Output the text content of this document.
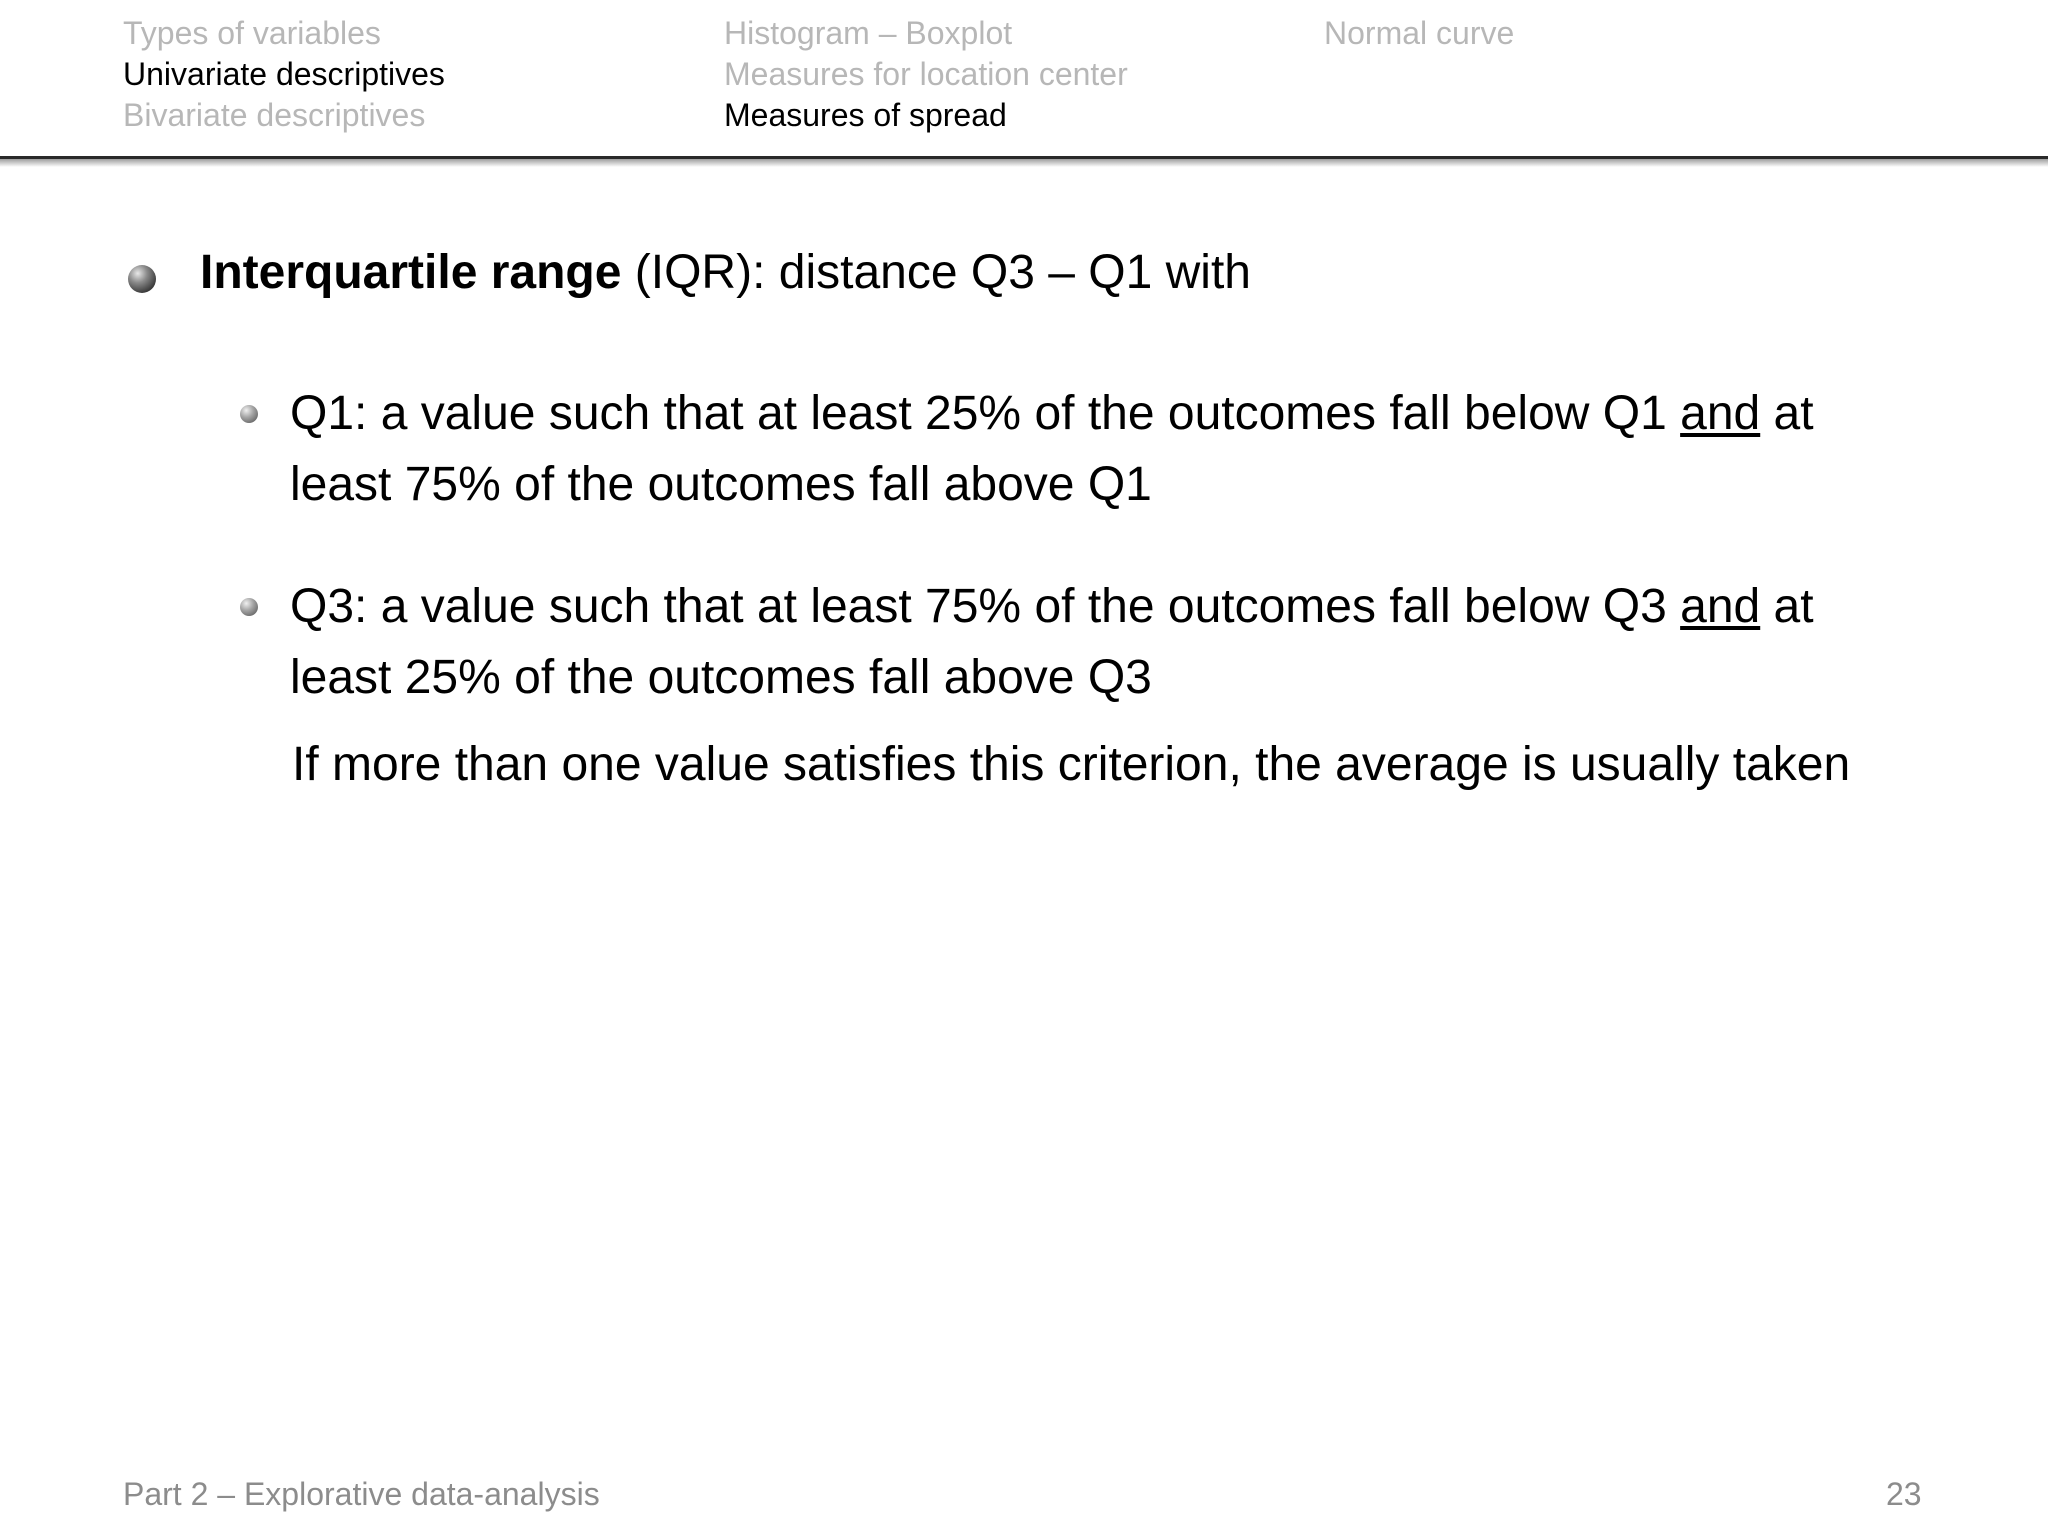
Types of variables
Univariate descriptives
Bivariate descriptives
Histogram – Boxplot
Measures for location center
Measures of spread
Normal curve
Interquartile range (IQR): distance Q3 – Q1 with
Q1: a value such that at least 25% of the outcomes fall below Q1 and at
least 75% of the outcomes fall above Q1
Q3: a value such that at least 75% of the outcomes fall below Q3 and at
least 25% of the outcomes fall above Q3
If more than one value satisfies this criterion, the average is usually taken
Part 2 – Explorative data-analysis	23
